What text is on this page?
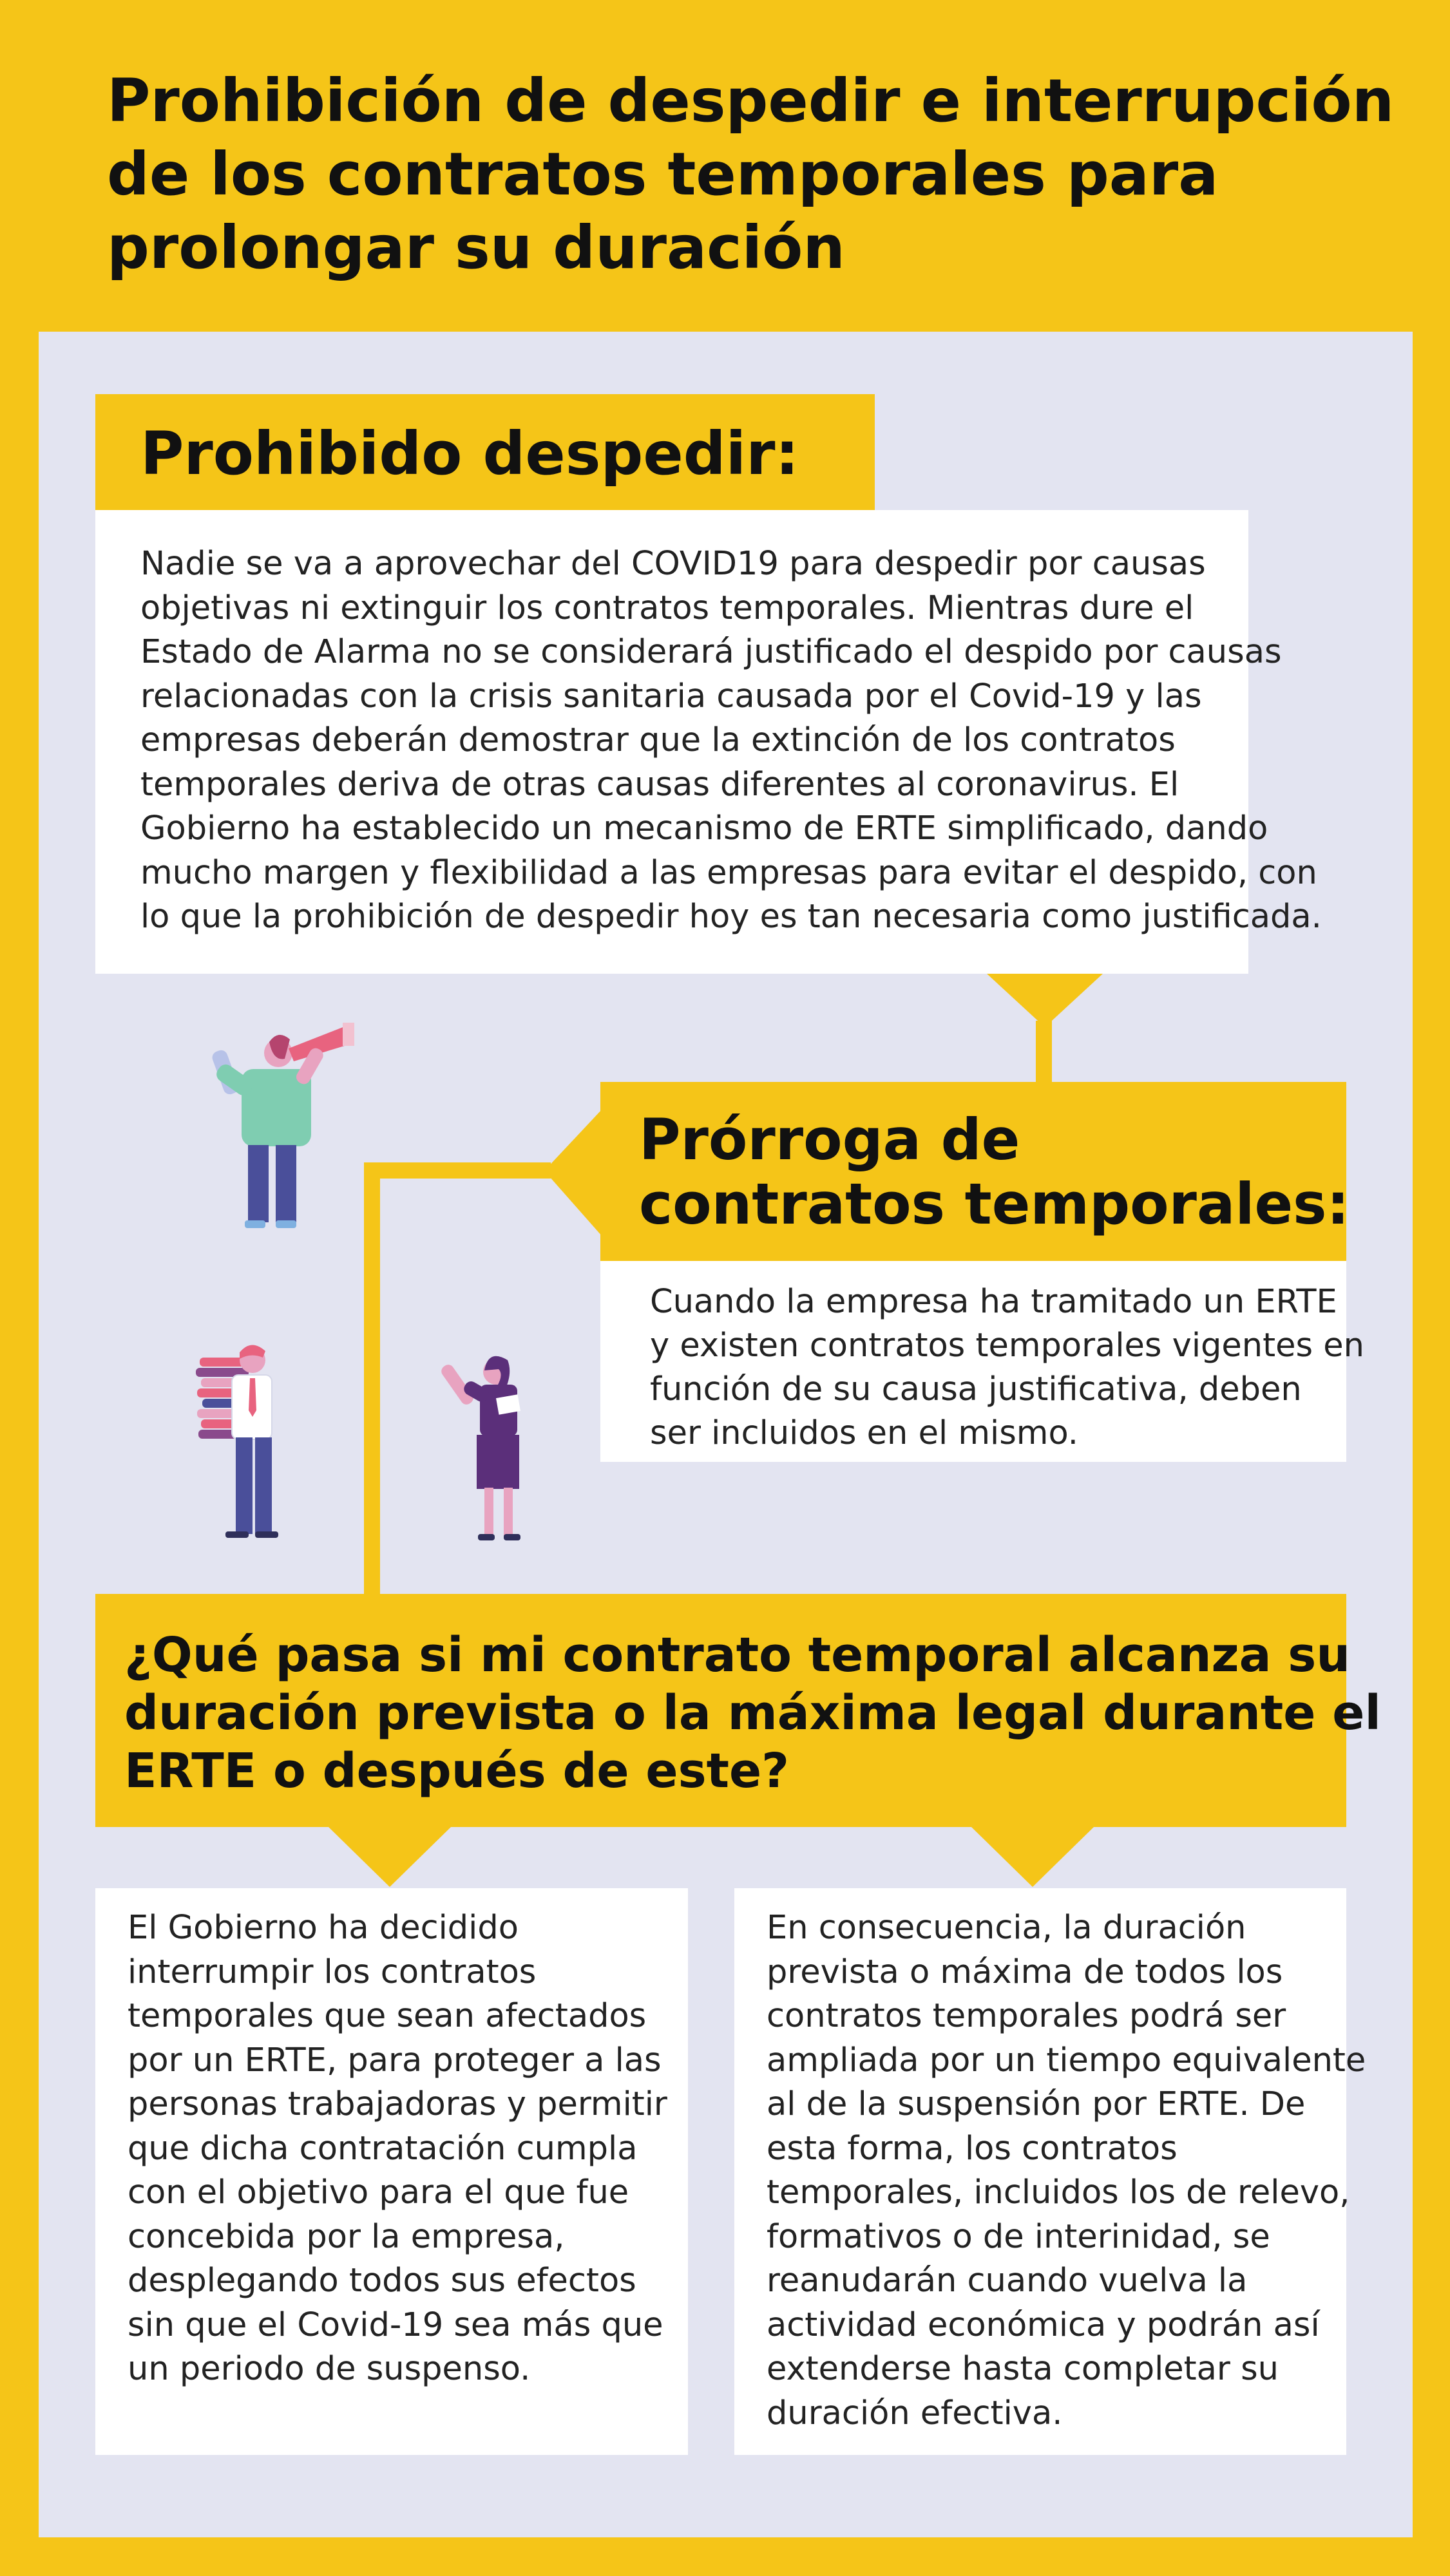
Prohibición de despedir e interrupción
de los contratos temporales para
prolongar su duración
Prohibido despedir:
Nadie se va a aprovechar del COVID19 para despedir por causas
objetivas ni extinguir los contratos temporales. Mientras dure el
Estado de Alarma no se considerará justificado el despido por causas
relacionadas con la crisis sanitaria causada por el Covid-19 y las
empresas deberán demostrar que la extinción de los contratos
temporales deriva de otras causas diferentes al coronavirus. El
Gobierno ha establecido un mecanismo de ERTE simplificado, dando
mucho margen y flexibilidad a las empresas para evitar el despido, con
lo que la prohibición de despedir hoy es tan necesaria como justificada.
Prórroga de
contratos temporales:
Cuando la empresa ha tramitado un ERTE
y existen contratos temporales vigentes en
función de su causa justificativa, deben
ser incluidos en el mismo.
¿Qué pasa si mi contrato temporal alcanza su
duración prevista o la máxima legal durante el
ERTE o después de este?
El Gobierno ha decidido
interrumpir los contratos
temporales que sean afectados
por un ERTE, para proteger a las
personas trabajadoras y permitir
que dicha contratación cumpla
con el objetivo para el que fue
concebida por la empresa,
desplegando todos sus efectos
sin que el Covid-19 sea más que
un periodo de suspenso.
En consecuencia, la duración
prevista o máxima de todos los
contratos temporales podrá ser
ampliada por un tiempo equivalente
al de la suspensión por ERTE. De
esta forma, los contratos
temporales, incluidos los de relevo,
formativos o de interinidad, se
reanudarán cuando vuelva la
actividad económica y podrán así
extenderse hasta completar su
duración efectiva.
